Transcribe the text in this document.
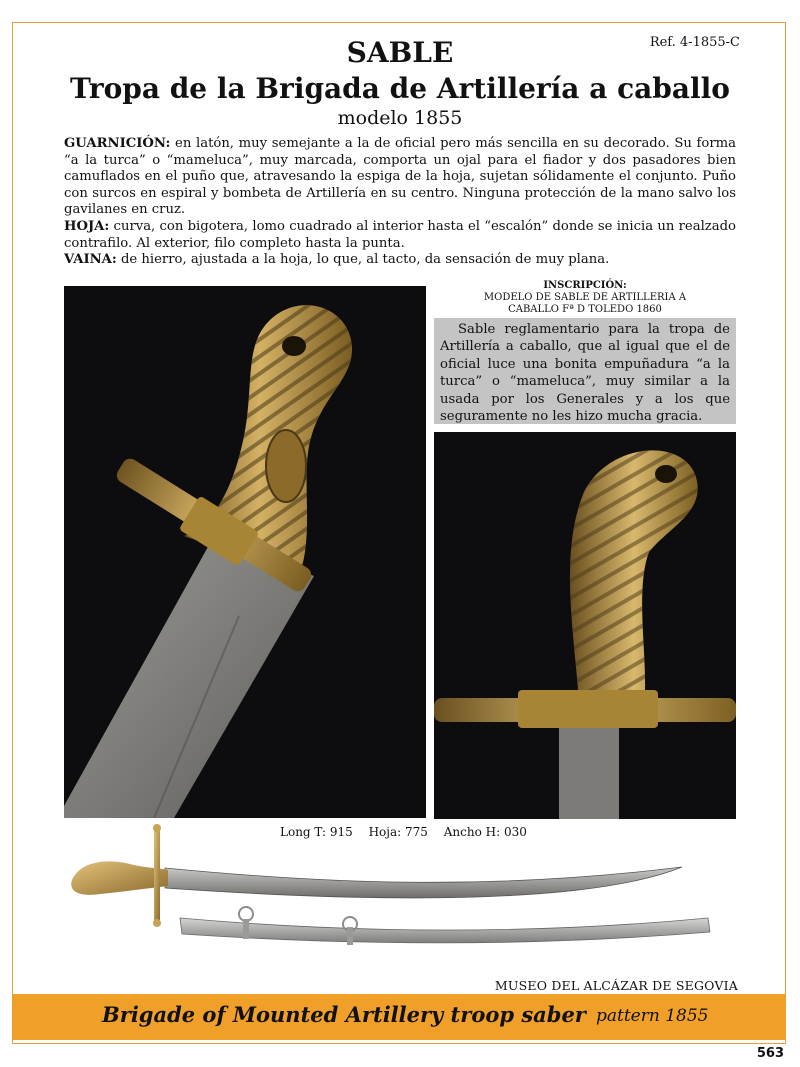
Ref. 4-1855-C
SABLE
Tropa de la Brigada de Artillería a caballo
modelo 1855

GUARNICIÓN: en latón, muy semejante a la de oficial pero más sencilla en su decorado. Su forma “a la turca” o “mameluca”, muy marcada, comporta un ojal para el fiador y dos pasadores bien camuflados en el puño que, atravesando la espiga de la hoja, sujetan sólidamente el conjunto. Puño con surcos en espiral y bombeta de Artillería en su centro. Ninguna protección de la mano salvo los gavilanes en cruz.

HOJA: curva, con bigotera, lomo cuadrado al interior hasta el “escalón” donde se inicia un realzado contrafilo. Al exterior, filo completo hasta la punta.

VAINA: de hierro, ajustada a la hoja, lo que, al tacto, da sensación de muy plana.

INSCRIPCIÓN:
MODELO DE SABLE DE ARTILLERIA A
CABALLO Fª D TOLEDO 1860
Sable reglamentario para la tropa de Artillería a caballo, que al igual que el de oficial luce una bonita empuñadura “a la turca” o “mameluca”, muy similar a la usada por los Generales y a los que seguramente no les hizo mucha gracia.
Long T: 915 Hoja: 775 Ancho H: 030
MUSEO DEL ALCÁZAR DE SEGOVIA
Brigade of Mounted Artillery troop saber pattern 1855
563
